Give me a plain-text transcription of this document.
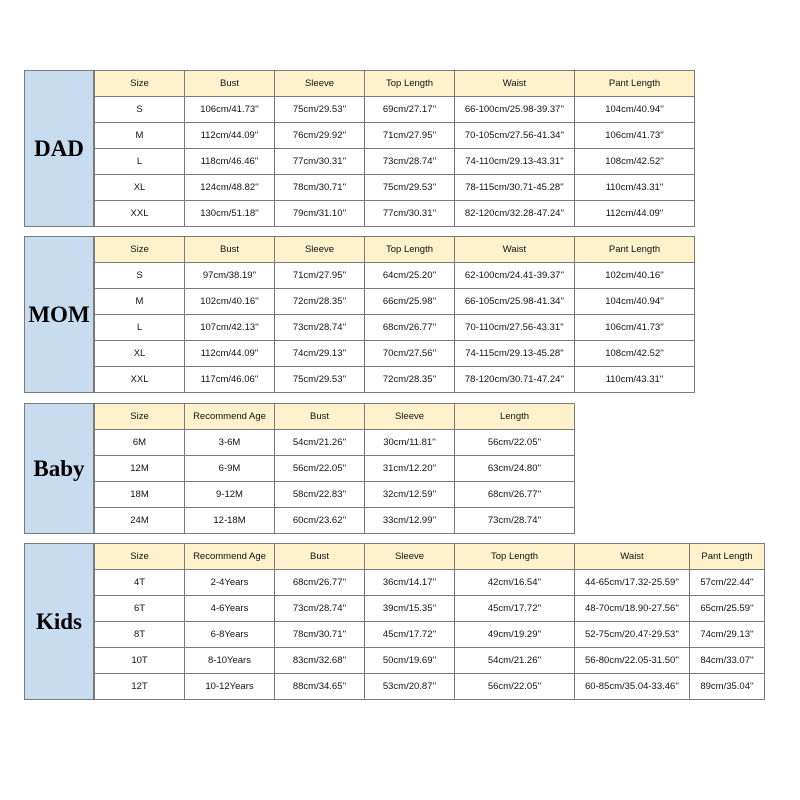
DAD
Size	Bust	Sleeve	Top Length	Waist	Pant Length
S	106cm/41.73''	75cm/29.53''	69cm/27.17''	66-100cm/25.98-39.37''	104cm/40.94''
M	112cm/44.09''	76cm/29.92''	71cm/27.95''	70-105cm/27.56-41.34''	106cm/41.73''
L	118cm/46.46''	77cm/30.31''	73cm/28.74''	74-110cm/29.13-43.31''	108cm/42.52''
XL	124cm/48.82''	78cm/30.71''	75cm/29.53''	78-115cm/30.71-45.28''	110cm/43.31''
XXL	130cm/51.18''	79cm/31.10''	77cm/30.31''	82-120cm/32.28-47.24''	112cm/44.09''
MOM
Size	Bust	Sleeve	Top Length	Waist	Pant Length
S	97cm/38.19''	71cm/27.95''	64cm/25.20''	62-100cm/24.41-39.37''	102cm/40.16''
M	102cm/40.16''	72cm/28.35''	66cm/25.98''	66-105cm/25.98-41.34''	104cm/40.94''
L	107cm/42.13''	73cm/28.74''	68cm/26.77''	70-110cm/27.56-43.31''	106cm/41.73''
XL	112cm/44.09''	74cm/29.13''	70cm/27.56''	74-115cm/29.13-45.28''	108cm/42.52''
XXL	117cm/46.06''	75cm/29.53''	72cm/28.35''	78-120cm/30.71-47.24''	110cm/43.31''
Baby
Size	Recommend Age	Bust	Sleeve	Length
6M	3-6M	54cm/21.26''	30cm/11.81''	56cm/22.05''
12M	6-9M	56cm/22.05''	31cm/12.20''	63cm/24.80''
18M	9-12M	58cm/22.83''	32cm/12.59''	68cm/26.77''
24M	12-18M	60cm/23.62''	33cm/12.99''	73cm/28.74''
Kids
Size	Recommend Age	Bust	Sleeve	Top Length	Waist	Pant Length
4T	2-4Years	68cm/26.77''	36cm/14.17''	42cm/16.54''	44-65cm/17.32-25.59''	57cm/22.44''
6T	4-6Years	73cm/28.74''	39cm/15.35''	45cm/17.72''	48-70cm/18.90-27.56''	65cm/25.59''
8T	6-8Years	78cm/30.71''	45cm/17.72''	49cm/19.29''	52-75cm/20.47-29.53''	74cm/29.13''
10T	8-10Years	83cm/32.68''	50cm/19.69''	54cm/21.26''	56-80cm/22.05-31.50''	84cm/33.07''
12T	10-12Years	88cm/34.65''	53cm/20.87''	56cm/22.05''	60-85cm/35.04-33.46''	89cm/35.04''
